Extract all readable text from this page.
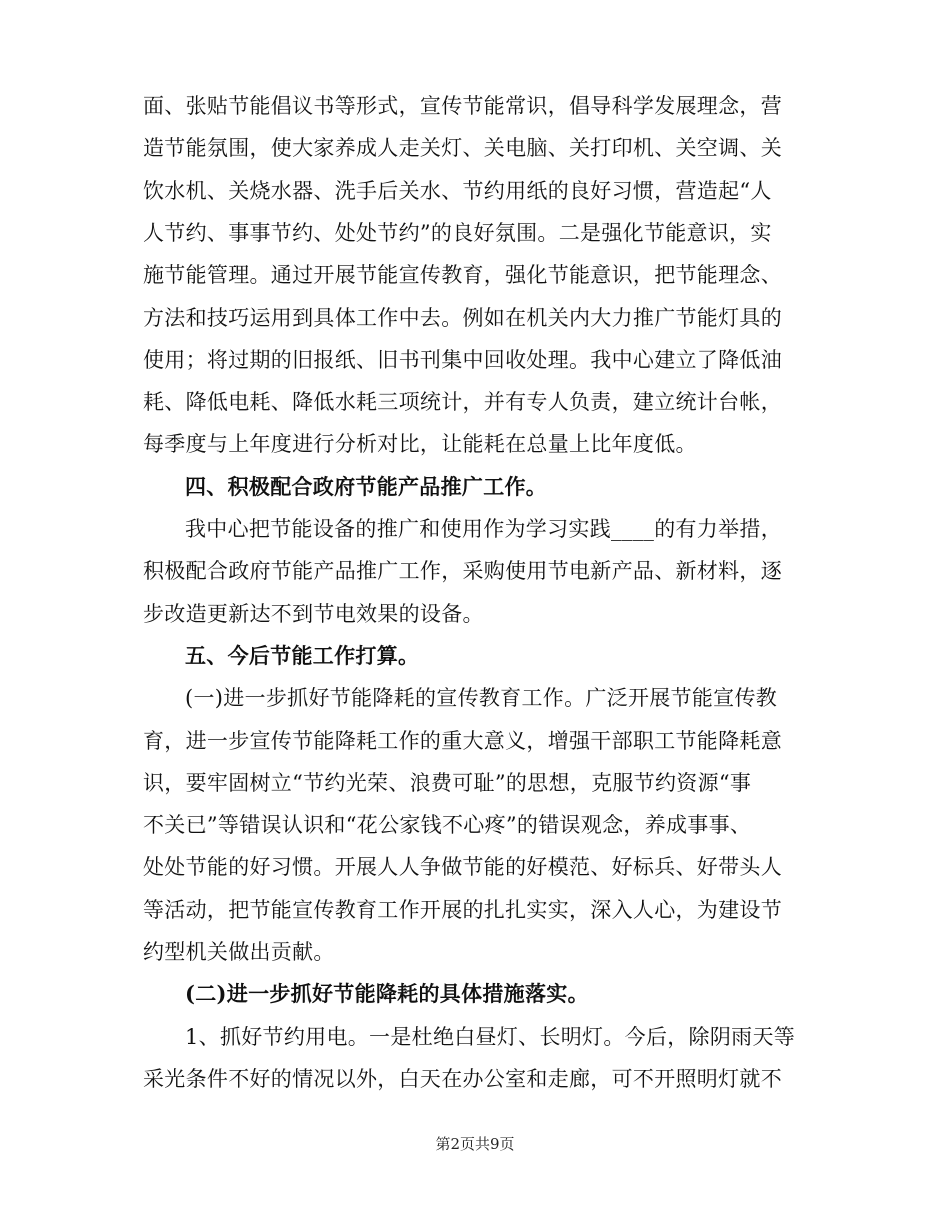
面、张贴节能倡议书等形式，宣传节能常识，倡导科学发展理念，营
造节能氛围，使大家养成人走关灯、关电脑、关打印机、关空调、关
饮水机、关烧水器、洗手后关水、节约用纸的良好习惯，营造起“人
人节约、事事节约、处处节约”的良好氛围。二是强化节能意识，实
施节能管理。通过开展节能宣传教育，强化节能意识，把节能理念、
方法和技巧运用到具体工作中去。例如在机关内大力推广节能灯具的
使用；将过期的旧报纸、旧书刊集中回收处理。我中心建立了降低油
耗、降低电耗、降低水耗三项统计，并有专人负责，建立统计台帐，
每季度与上年度进行分析对比，让能耗在总量上比年度低。
四、积极配合政府节能产品推广工作。
我中心把节能设备的推广和使用作为学习实践____的有力举措，
积极配合政府节能产品推广工作，采购使用节电新产品、新材料，逐
步改造更新达不到节电效果的设备。
五、今后节能工作打算。
(一)进一步抓好节能降耗的宣传教育工作。广泛开展节能宣传教
育，进一步宣传节能降耗工作的重大意义，增强干部职工节能降耗意
识，要牢固树立“节约光荣、浪费可耻”的思想，克服节约资源“事
不关已”等错误认识和“花公家钱不心疼”的错误观念，养成事事、
处处节能的好习惯。开展人人争做节能的好模范、好标兵、好带头人
等活动，把节能宣传教育工作开展的扎扎实实，深入人心，为建设节
约型机关做出贡献。
(二)进一步抓好节能降耗的具体措施落实。
1、抓好节约用电。一是杜绝白昼灯、长明灯。今后，除阴雨天等
采光条件不好的情况以外，白天在办公室和走廊，可不开照明灯就不
第2页共9页
